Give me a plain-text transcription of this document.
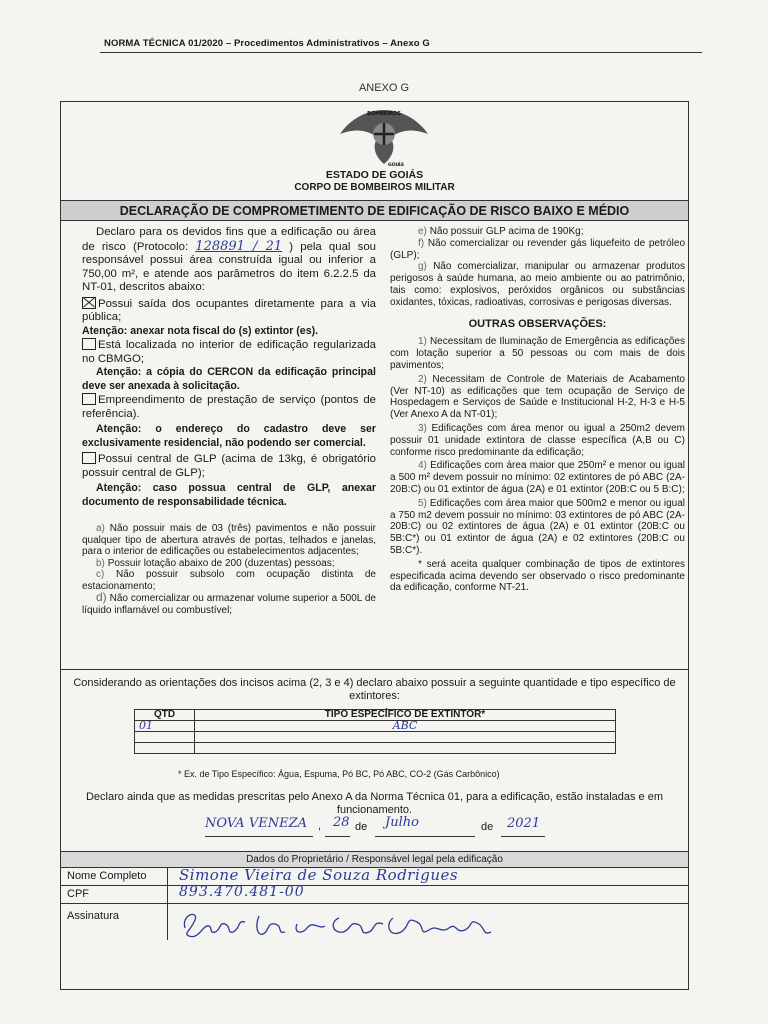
NORMA TÉCNICA 01/2020 – Procedimentos Administrativos – Anexo G
ANEXO G
BOMBEIROS
GOIÁS
ESTADO DE GOIÁS
CORPO DE BOMBEIROS MILITAR
DECLARAÇÃO DE COMPROMETIMENTO DE EDIFICAÇÃO DE RISCO BAIXO E MÉDIO

Declaro para os devidos fins que a edificação ou área de risco (Protocolo: 128891 / 21 ) pela qual sou responsável possui área construída igual ou inferior a 750,00 m², e atende aos parâmetros do item 6.2.2.5 da NT-01, descritos abaixo:

Possui saída dos ocupantes diretamente para a via pública;

Atenção: anexar nota fiscal do (s) extintor (es).

Está localizada no interior de edificação regularizada no CBMGO;

Atenção: a cópia do CERCON da edificação principal deve ser anexada à solicitação.

Empreendimento de prestação de serviço (pontos de referência).

Atenção: o endereço do cadastro deve ser exclusivamente residencial, não podendo ser comercial.

Possui central de GLP (acima de 13kg, é obrigatório possuir central de GLP);

Atenção: caso possua central de GLP, anexar documento de responsabilidade técnica.

a) Não possuir mais de 03 (três) pavimentos e não possuir qualquer tipo de abertura através de portas, telhados e janelas, para o interior de edificações ou estabelecimentos adjacentes;

b) Possuir lotação abaixo de 200 (duzentas) pessoas;

c) Não possuir subsolo com ocupação distinta de estacionamento;

d) Não comercializar ou armazenar volume superior a 500L de líquido inflamável ou combustível;

e) Não possuir GLP acima de 190Kg;

f) Não comercializar ou revender gás liquefeito de petróleo (GLP);

g) Não comercializar, manipular ou armazenar produtos perigosos à saúde humana, ao meio ambiente ou ao patrimônio, tais como: explosivos, peróxidos orgânicos ou substâncias oxidantes, tóxicas, radioativas, corrosivas e perigosas diversas.

OUTRAS OBSERVAÇÕES:

1) Necessitam de Iluminação de Emergência as edificações com lotação superior a 50 pessoas ou com mais de dois pavimentos;

2) Necessitam de Controle de Materiais de Acabamento (Ver NT-10) as edificações que tem ocupação de Serviço de Hospedagem e Serviços de Saúde e Institucional H-2, H-3 e H-5 (Ver Anexo A da NT-01);

3) Edificações com área menor ou igual a 250m2 devem possuir 01 unidade extintora de classe específica (A,B ou C) conforme risco predominante da edificação;

4) Edificações com área maior que 250m² e menor ou igual a 500 m² devem possuir no mínimo: 02 extintores de pó ABC (2A-20B:C) ou 01 extintor de água (2A) e 01 extintor (20B:C ou 5 B:C);

5) Edificações com área maior que 500m2 e menor ou igual a 750 m2 devem possuir no mínimo: 03 extintores de pó ABC (2A-20B:C) ou 02 extintores de água (2A) e 01 extintor (20B:C ou 5B:C*) ou 01 extintor de água (2A) e 02 extintores (20B:C ou 5B:C*).

* será aceita qualquer combinação de tipos de extintores especificada acima devendo ser observado o risco predominante da edificação, conforme NT-21.

Considerando as orientações dos incisos acima (2, 3 e 4) declaro abaixo possuir a seguinte quantidade e tipo específico de extintores:
QTD	TIPO ESPECÍFICO DE EXTINTOR*
01	ABC

* Ex. de Tipo Específico: Água, Espuma, Pó BC, Pó ABC, CO-2 (Gás Carbônico)
Declaro ainda que as medidas prescritas pelo Anexo A da Norma Técnica 01, para a edificação, estão instaladas e em funcionamento.
NOVA VENEZA , 28 de Julho	de 2021
Dados do Proprietário / Responsável legal pela edificação
Nome Completo	Simone Vieira de Souza Rodrigues
CPF	893.470.481-00
Assinatura
